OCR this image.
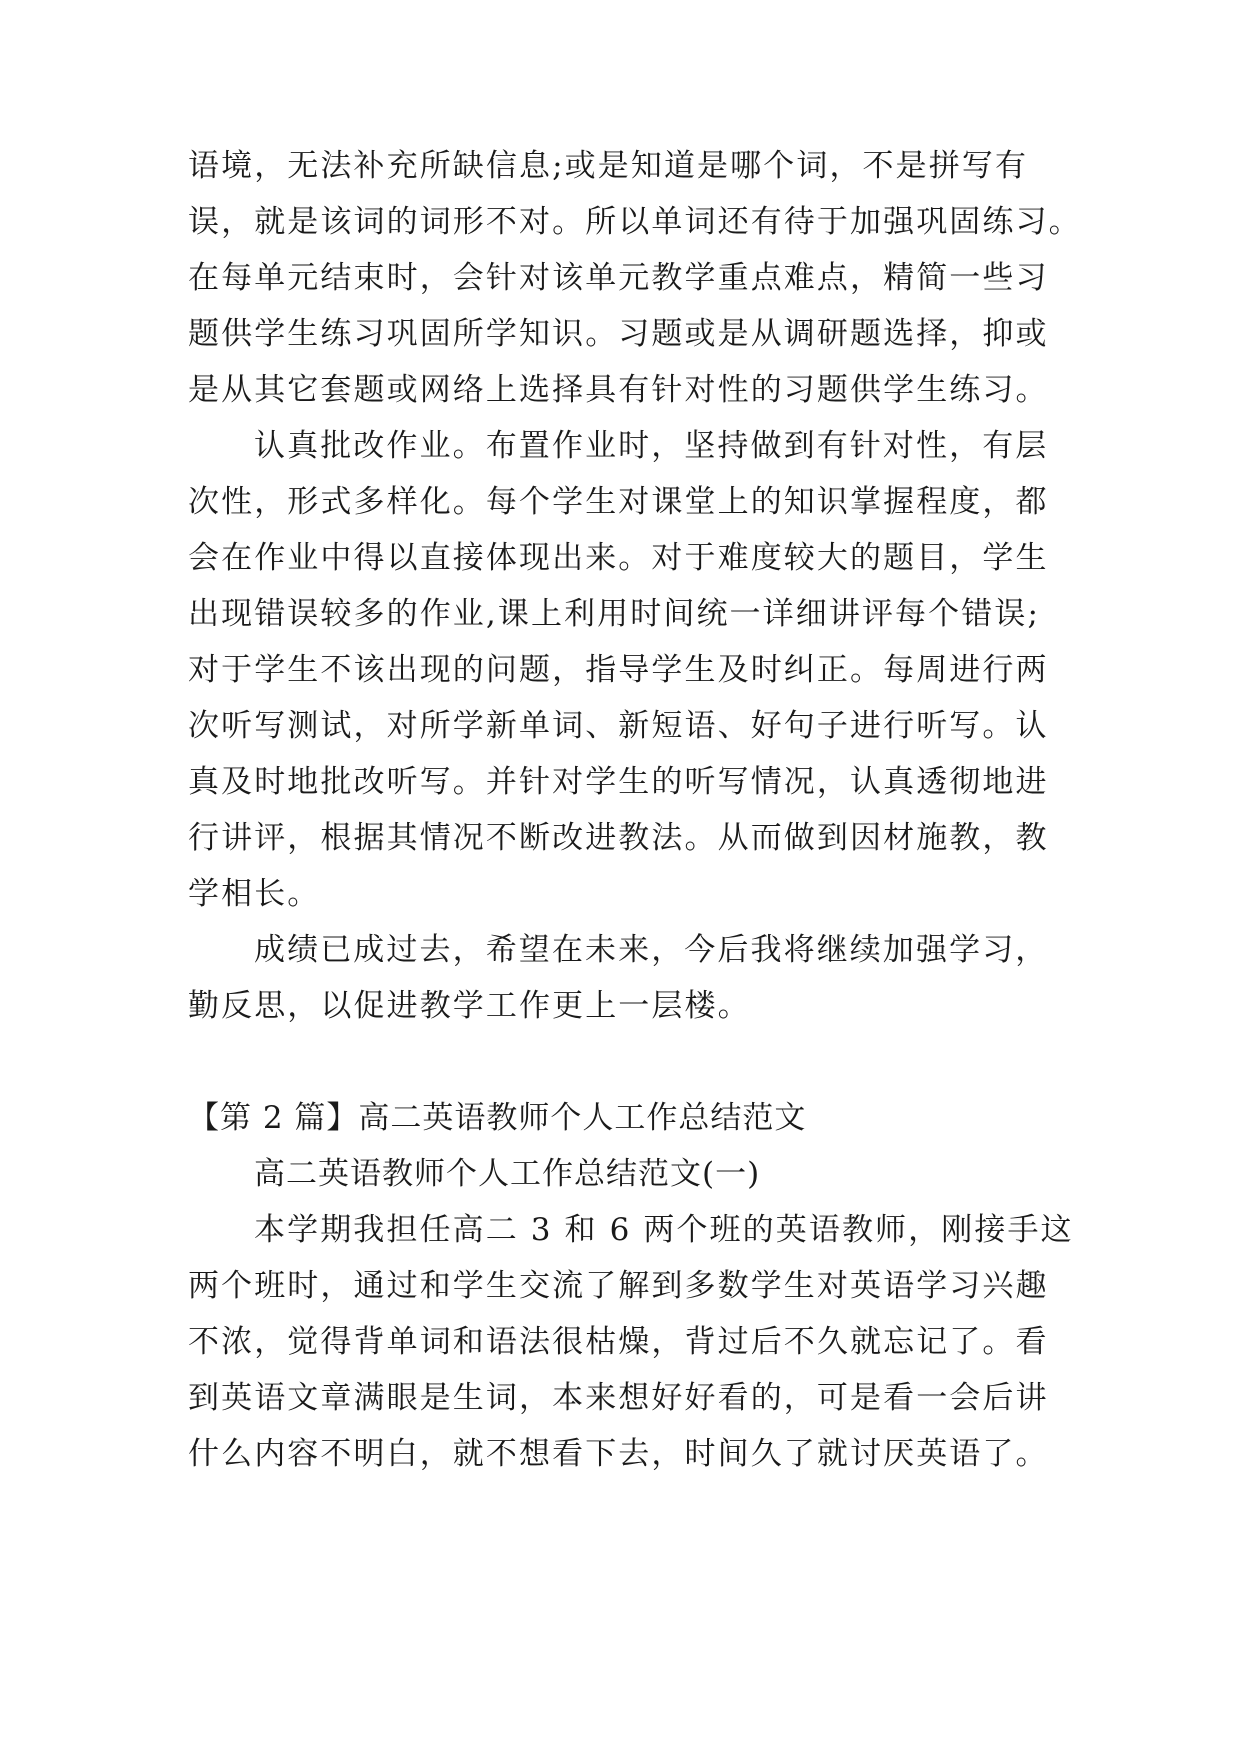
语境，无法补充所缺信息;或是知道是哪个词，不是拼写有
误，就是该词的词形不对。所以单词还有待于加强巩固练习。
在每单元结束时，会针对该单元教学重点难点，精简一些习
题供学生练习巩固所学知识。习题或是从调研题选择，抑或
是从其它套题或网络上选择具有针对性的习题供学生练习。
认真批改作业。布置作业时，坚持做到有针对性，有层
次性，形式多样化。每个学生对课堂上的知识掌握程度，都
会在作业中得以直接体现出来。对于难度较大的题目，学生
出现错误较多的作业,课上利用时间统一详细讲评每个错误;
对于学生不该出现的问题，指导学生及时纠正。每周进行两
次听写测试，对所学新单词、新短语、好句子进行听写。认
真及时地批改听写。并针对学生的听写情况，认真透彻地进
行讲评，根据其情况不断改进教法。从而做到因材施教，教
学相长。
成绩已成过去，希望在未来，今后我将继续加强学习，
勤反思，以促进教学工作更上一层楼。
【第 2 篇】高二英语教师个人工作总结范文
高二英语教师个人工作总结范文(一)
本学期我担任高二 3 和 6 两个班的英语教师，刚接手这
两个班时，通过和学生交流了解到多数学生对英语学习兴趣
不浓，觉得背单词和语法很枯燥，背过后不久就忘记了。看
到英语文章满眼是生词，本来想好好看的，可是看一会后讲
什么内容不明白，就不想看下去，时间久了就讨厌英语了。
